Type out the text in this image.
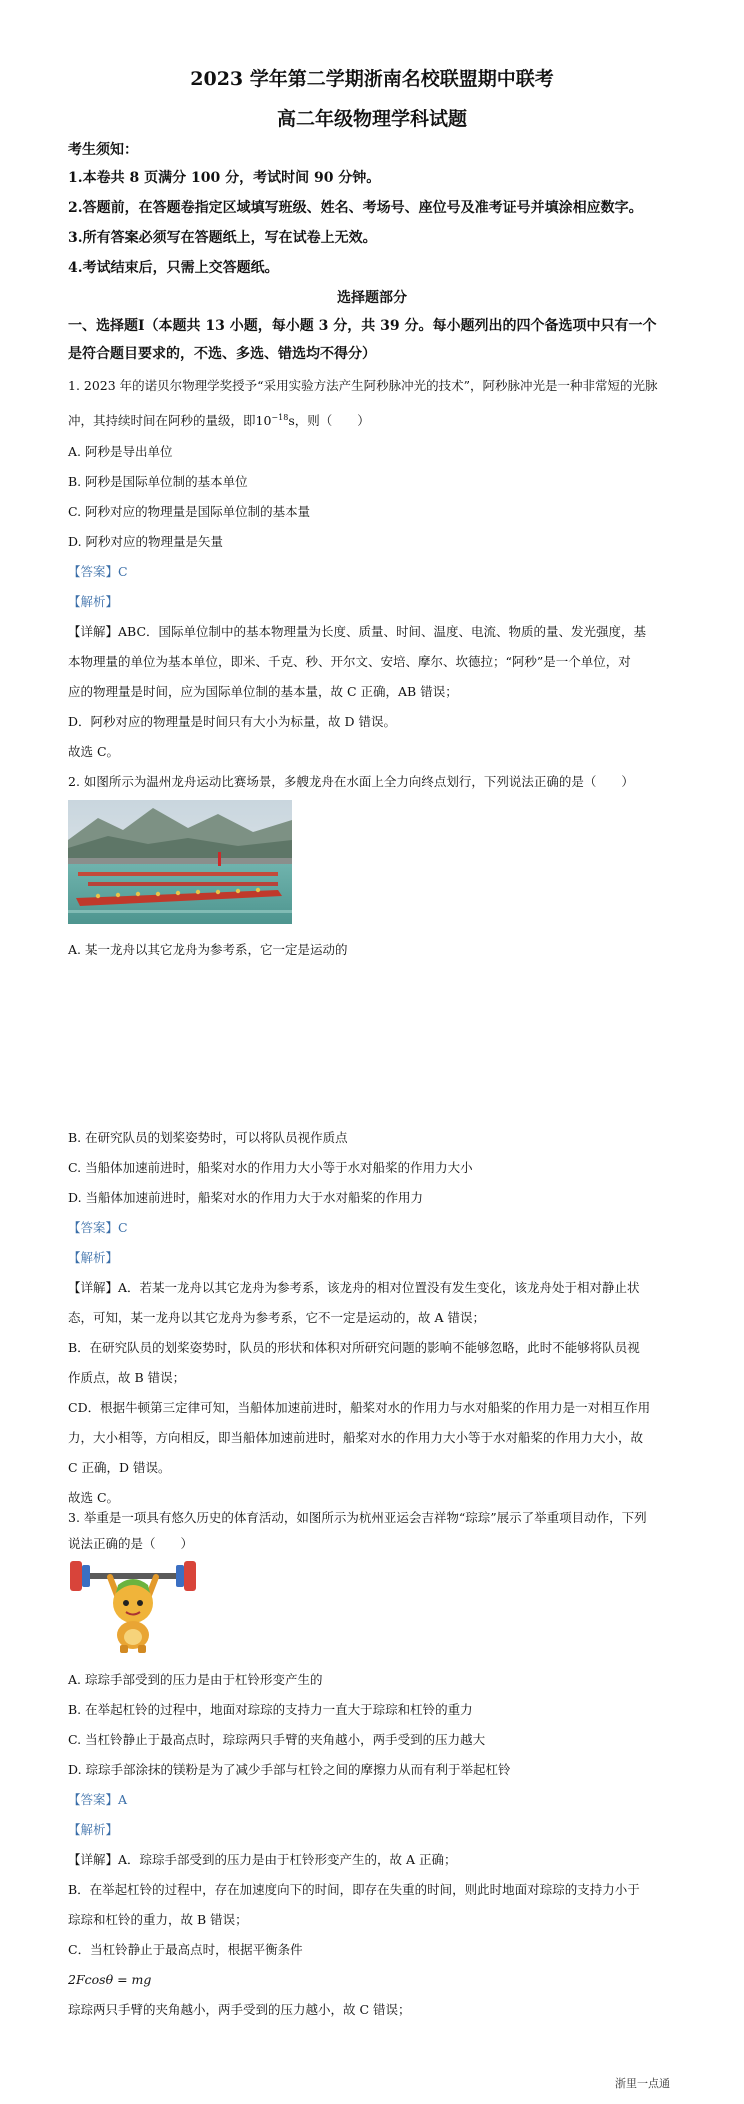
2023 学年第二学期浙南名校联盟期中联考
高二年级物理学科试题
考生须知：
1.本卷共 8 页满分 100 分，考试时间 90 分钟。
2.答题前，在答题卷指定区域填写班级、姓名、考场号、座位号及准考证号并填涂相应数字。
3.所有答案必须写在答题纸上，写在试卷上无效。
4.考试结束后，只需上交答题纸。
选择题部分
一、选择题Ⅰ（本题共 13 小题，每小题 3 分，共 39 分。每小题列出的四个备选项中只有一个
是符合题目要求的，不选、多选、错选均不得分）
1. 2023 年的诺贝尔物理学奖授予“采用实验方法产生阿秒脉冲光的技术”，阿秒脉冲光是一种非常短的光脉
冲，其持续时间在阿秒的量级，即$10^{-18}s$，则（　　）
A. 阿秒是导出单位
B. 阿秒是国际单位制的基本单位
C. 阿秒对应的物理量是国际单位制的基本量
D. 阿秒对应的物理量是矢量
【答案】C
【解析】
【详解】ABC．国际单位制中的基本物理量为长度、质量、时间、温度、电流、物质的量、发光强度，基
本物理量的单位为基本单位，即米、千克、秒、开尔文、安培、摩尔、坎德拉；“阿秒”是一个单位，对
应的物理量是时间，应为国际单位制的基本量，故 C 正确，AB 错误；
D．阿秒对应的物理量是时间只有大小为标量，故 D 错误。
故选 C。
2. 如图所示为温州龙舟运动比赛场景，多艘龙舟在水面上全力向终点划行，下列说法正确的是（　　）
A. 某一龙舟以其它龙舟为参考系，它一定是运动的
B. 在研究队员的划桨姿势时，可以将队员视作质点
C. 当船体加速前进时，船桨对水的作用力大小等于水对船桨的作用力大小
D. 当船体加速前进时，船桨对水的作用力大于水对船桨的作用力
【答案】C
【解析】
【详解】A．若某一龙舟以其它龙舟为参考系，该龙舟的相对位置没有发生变化，该龙舟处于相对静止状
态，可知，某一龙舟以其它龙舟为参考系，它不一定是运动的，故 A 错误；
B．在研究队员的划桨姿势时，队员的形状和体积对所研究问题的影响不能够忽略，此时不能够将队员视
作质点，故 B 错误；
CD．根据牛顿第三定律可知，当船体加速前进时，船桨对水的作用力与水对船桨的作用力是一对相互作用
力，大小相等，方向相反，即当船体加速前进时，船桨对水的作用力大小等于水对船桨的作用力大小，故
C 正确，D 错误。
故选 C。
3. 举重是一项具有悠久历史的体育活动，如图所示为杭州亚运会吉祥物“琮琮”展示了举重项目动作，下列
说法正确的是（　　）
A. 琮琮手部受到的压力是由于杠铃形变产生的
B. 在举起杠铃的过程中，地面对琮琮的支持力一直大于琮琮和杠铃的重力
C. 当杠铃静止于最高点时，琮琮两只手臂的夹角越小，两手受到的压力越大
D. 琮琮手部涂抹的镁粉是为了减少手部与杠铃之间的摩擦力从而有利于举起杠铃
【答案】A
【解析】
【详解】A．琮琮手部受到的压力是由于杠铃形变产生的，故 A 正确；
B．在举起杠铃的过程中，存在加速度向下的时间，即存在失重的时间，则此时地面对琮琮的支持力小于
琮琮和杠铃的重力，故 B 错误；
C．当杠铃静止于最高点时，根据平衡条件
2Fcosθ = mg
琮琮两只手臂的夹角越小，两手受到的压力越小，故 C 错误；
浙里一点通
